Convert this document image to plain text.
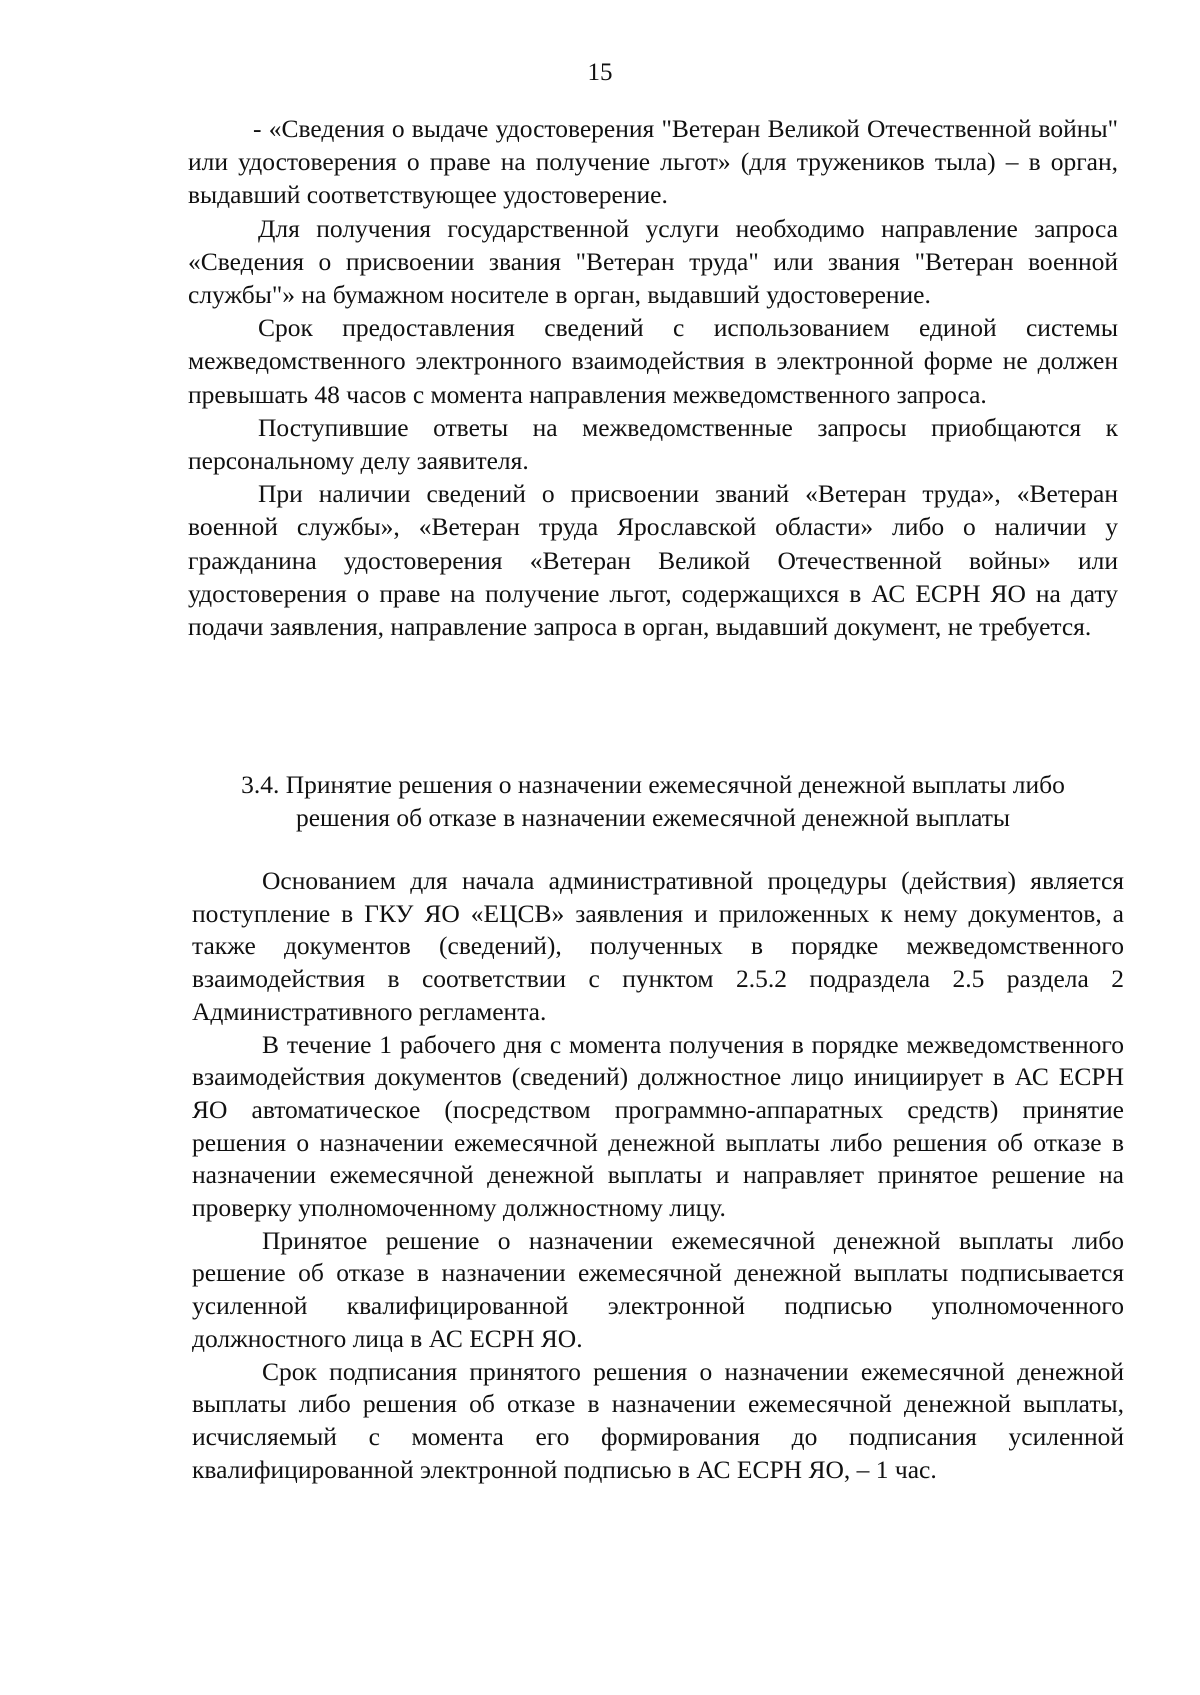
15

- «Сведения о выдаче удостоверения "Ветеран Великой Отечественной войны" или удостоверения о праве на получение льгот» (для тружеников тыла) – в орган, выдавший соответствующее удостоверение.

Для получения государственной услуги необходимо направление запроса «Сведения о присвоении звания "Ветеран труда" или звания "Ветеран военной службы"» на бумажном носителе в орган, выдавший удостоверение.

Срок предоставления сведений с использованием единой системы межведомственного электронного взаимодействия в электронной форме не должен превышать 48 часов с момента направления межведомственного запроса.

Поступившие ответы на межведомственные запросы приобщаются к персональному делу заявителя.

При наличии сведений о присвоении званий «Ветеран труда», «Ветеран военной службы», «Ветеран труда Ярославской области» либо о наличии у гражданина удостоверения «Ветеран Великой Отечественной войны» или удостоверения о праве на получение льгот, содержащихся в АС ЕСРН ЯО на дату подачи заявления, направление запроса в орган, выдавший документ, не требуется.

3.4. Принятие решения о назначении ежемесячной денежной выплаты либо
решения об отказе в назначении ежемесячной денежной выплаты

Основанием для начала административной процедуры (действия) является поступление в ГКУ ЯО «ЕЦСВ» заявления и приложенных к нему документов, а также документов (сведений), полученных в порядке межведомственного взаимодействия в соответствии с пунктом 2.5.2 подраздела 2.5 раздела 2 Административного регламента.

В течение 1 рабочего дня с момента получения в порядке межведомственного взаимодействия документов (сведений) должностное лицо инициирует в АС ЕСРН ЯО автоматическое (посредством программно-аппаратных средств) принятие решения о назначении ежемесячной денежной выплаты либо решения об отказе в назначении ежемесячной денежной выплаты и направляет принятое решение на проверку уполномоченному должностному лицу.

Принятое решение о назначении ежемесячной денежной выплаты либо решение об отказе в назначении ежемесячной денежной выплаты подписывается усиленной квалифицированной электронной подписью уполномоченного должностного лица в АС ЕСРН ЯО.

Срок подписания принятого решения о назначении ежемесячной денежной выплаты либо решения об отказе в назначении ежемесячной денежной выплаты, исчисляемый с момента его формирования до подписания усиленной квалифицированной электронной подписью в АС ЕСРН ЯО, – 1 час.
